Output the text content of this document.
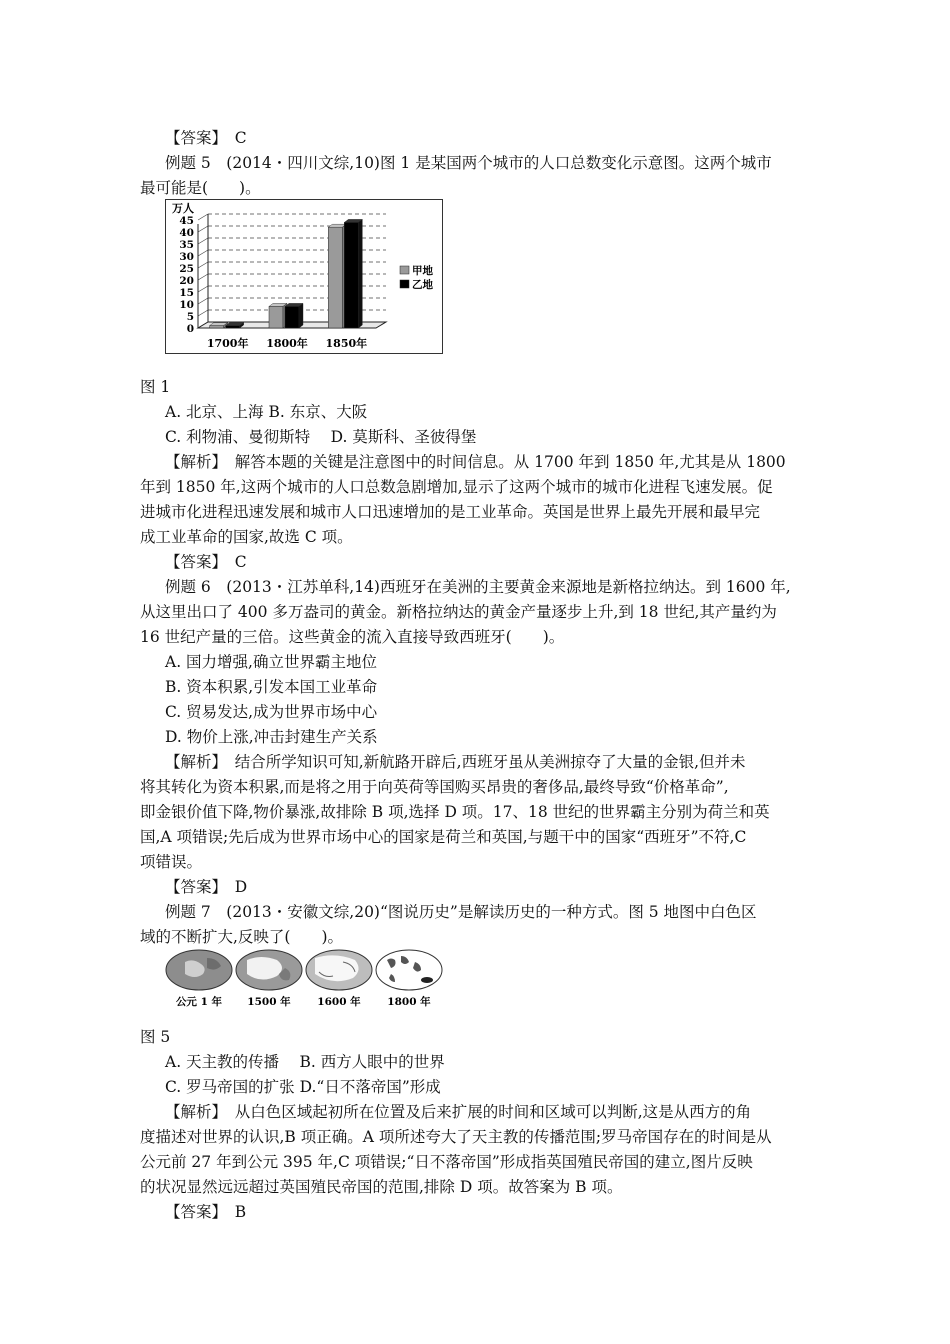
【答案】　C
例题 5　(2014・四川文综,10)图 1 是某国两个城市的人口总数变化示意图。这两个城市
最可能是(　　)。
万人
0
5
10
15
20
25
30
35
40
45
1700年 1800年 1850年
甲地
乙地
图 1
A. 北京、上海 B. 东京、大阪
C. 利物浦、曼彻斯特　 D. 莫斯科、圣彼得堡
【解析】　解答本题的关键是注意图中的时间信息。从 1700 年到 1850 年,尤其是从 1800
年到 1850 年,这两个城市的人口总数急剧增加,显示了这两个城市的城市化进程飞速发展。促
进城市化进程迅速发展和城市人口迅速增加的是工业革命。英国是世界上最先开展和最早完
成工业革命的国家,故选 C 项。
【答案】　C
例题 6　(2013・江苏单科,14)西班牙在美洲的主要黄金来源地是新格拉纳达。到 1600 年,
从这里出口了 400 多万盎司的黄金。新格拉纳达的黄金产量逐步上升,到 18 世纪,其产量约为
16 世纪产量的三倍。这些黄金的流入直接导致西班牙(　　)。
A. 国力增强,确立世界霸主地位
B. 资本积累,引发本国工业革命
C. 贸易发达,成为世界市场中心
D. 物价上涨,冲击封建生产关系
【解析】　结合所学知识可知,新航路开辟后,西班牙虽从美洲掠夺了大量的金银,但并未
将其转化为资本积累,而是将之用于向英荷等国购买昂贵的奢侈品,最终导致“价格革命”,
即金银价值下降,物价暴涨,故排除 B 项,选择 D 项。17、18 世纪的世界霸主分别为荷兰和英
国,A 项错误;先后成为世界市场中心的国家是荷兰和英国,与题干中的国家“西班牙”不符,C
项错误。
【答案】　D
例题 7　(2013・安徽文综,20)“图说历史”是解读历史的一种方式。图 5 地图中白色区
域的不断扩大,反映了(　　)。
公元 1 年 1500 年	1600 年	1800 年
图 5
A. 天主教的传播　 B. 西方人眼中的世界
C. 罗马帝国的扩张 D.“日不落帝国”形成
【解析】　从白色区域起初所在位置及后来扩展的时间和区域可以判断,这是从西方的角
度描述对世界的认识,B 项正确。A 项所述夸大了天主教的传播范围;罗马帝国存在的时间是从
公元前 27 年到公元 395 年,C 项错误;“日不落帝国”形成指英国殖民帝国的建立,图片反映
的状况显然远远超过英国殖民帝国的范围,排除 D 项。故答案为 B 项。
【答案】　B
